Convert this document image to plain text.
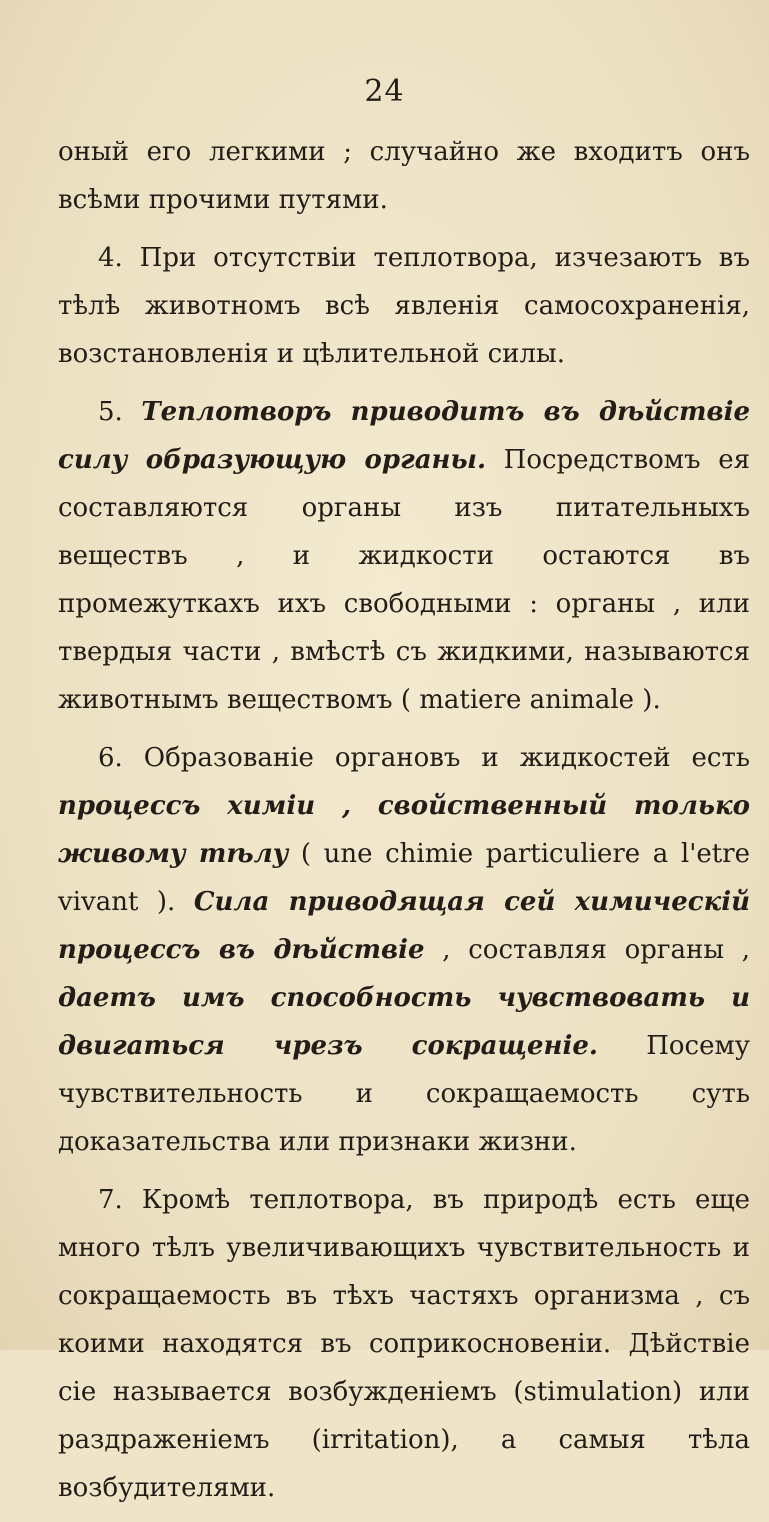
24

оный его легкими ; случайно же входитъ онъ всѣми прочими путями.

4. При отсутствіи теплотвора, изчезаютъ въ тѣлѣ животномъ всѣ явленія самосохраненія, возстановленія и цѣлительной силы.

5. Теплотворъ приводитъ въ дѣйствіе силу образующую органы. Посредствомъ ея составляются органы изъ питательныхъ веществъ , и жидкости остаются въ промежуткахъ ихъ свободными : органы , или твердыя части , вмѣстѣ съ жидкими, называются животнымъ веществомъ ( matiere animale ).

6. Образованіе органовъ и жидкостей есть процессъ химіи , свойственный только живому тѣлу ( une chimie particuliere a l'etre vivant ). Сила приводящая сей химическій процессъ въ дѣйствіе , составляя органы , даетъ имъ способность чувствовать и двигаться чрезъ сокращеніе. Посему чувствительность и сокращаемость суть доказательства или признаки жизни.

7. Кромѣ теплотвора, въ природѣ есть еще много тѣлъ увеличивающихъ чувствительность и сокращаемость въ тѣхъ частяхъ организма , съ коими находятся въ соприкосновеніи. Дѣйствіе сіе называется возбужденіемъ (stimulation) или раздраженіемъ (irritation), а самыя тѣла возбудителями.
